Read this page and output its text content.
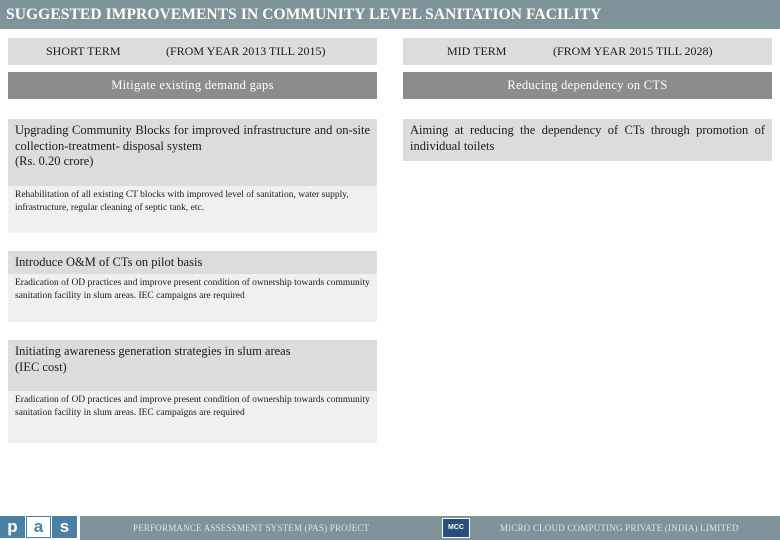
SUGGESTED IMPROVEMENTS IN COMMUNITY LEVEL SANITATION FACILITY
SHORT TERM	(FROM YEAR 2013 TILL 2015)	MID TERM	(FROM YEAR 2015 TILL 2028)
Mitigate existing demand gaps	Reducing dependency on CTS
Upgrading Community Blocks for improved infrastructure and on-site collection-treatment- disposal system
(Rs. 0.20 crore)
Rehabilitation of all existing CT blocks with improved level of sanitation, water supply, infrastructure, regular cleaning of septic tank, etc.
Introduce O&M of CTs on pilot basis
Eradication of OD practices and improve present condition of ownership towards community sanitation facility in slum areas. IEC campaigns are required
Initiating awareness generation strategies in slum areas
(IEC cost)
Eradication of OD practices and improve present condition of ownership towards community sanitation facility in slum areas. IEC campaigns are required
Aiming at reducing the dependency of CTs through promotion of individual toilets
p a s	PERFORMANCE ASSESSMENT SYSTEM (PAS) PROJECT	MCC	MICRO CLOUD COMPUTING PRIVATE (INDIA) LIMITED
